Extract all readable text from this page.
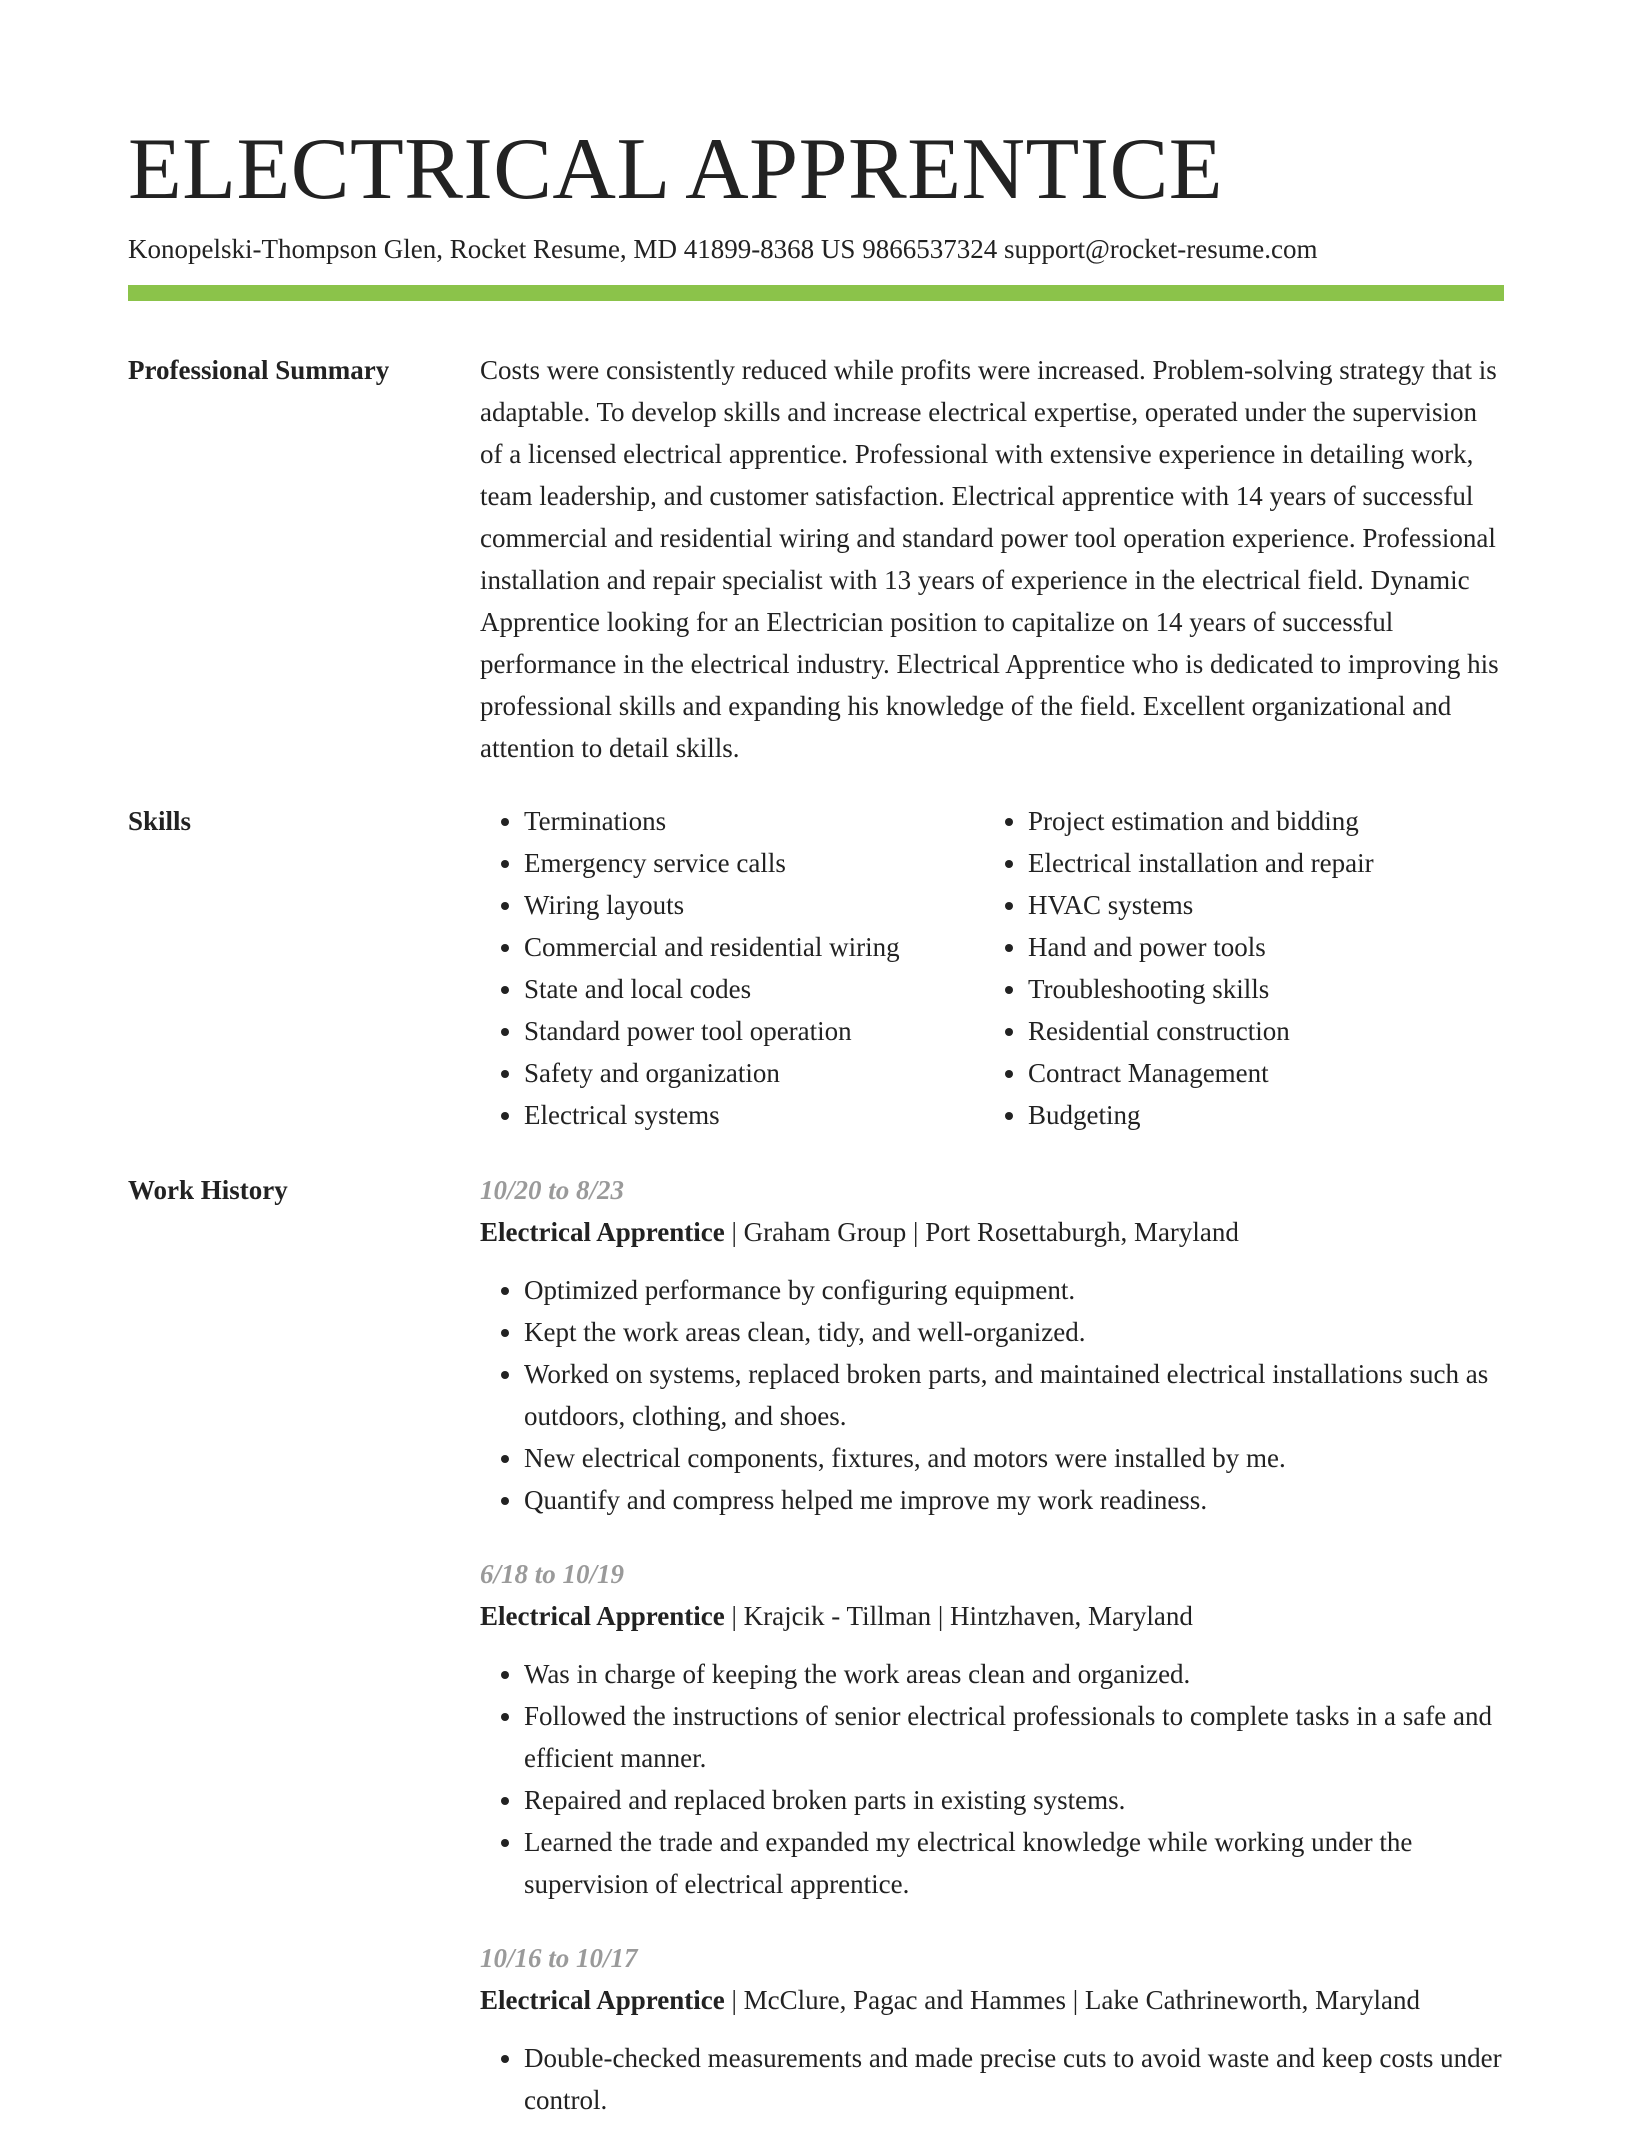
ELECTRICAL APPRENTICE
Konopelski-Thompson Glen, Rocket Resume, MD 41899-8368 US 9866537324 support@rocket-resume.com
Professional Summary	Costs were consistently reduced while profits were increased. Problem-solving strategy that is adaptable. To develop skills and increase electrical expertise, operated under the supervision of a licensed electrical apprentice. Professional with extensive experience in detailing work, team leadership, and customer satisfaction. Electrical apprentice with 14 years of successful commercial and residential wiring and standard power tool operation experience. Professional installation and repair specialist with 13 years of experience in the electrical field. Dynamic Apprentice looking for an Electrician position to capitalize on 14 years of successful performance in the electrical industry. Electrical Apprentice who is dedicated to improving his professional skills and expanding his knowledge of the field. Excellent organizational and attention to detail skills.

Skills
•	Terminations
• Emergency service calls
• Wiring layouts
• Commercial and residential wiring
• State and local codes
• Standard power tool operation
• Safety and organization
• Electrical systems
• Project estimation and bidding
• Electrical installation and repair
• HVAC systems
• Hand and power tools
• Troubleshooting skills
• Residential construction
• Contract Management
• Budgeting
Work History	10/20 to 8/23
Electrical Apprentice | Graham Group | Port Rosettaburgh, Maryland
• Optimized performance by configuring equipment.
• Kept the work areas clean, tidy, and well-organized.
• Worked on systems, replaced broken parts, and maintained electrical installations such as outdoors, clothing, and shoes.
• New electrical components, fixtures, and motors were installed by me.
• Quantify and compress helped me improve my work readiness.
6/18 to 10/19
Electrical Apprentice | Krajcik - Tillman | Hintzhaven, Maryland
• Was in charge of keeping the work areas clean and organized.
• Followed the instructions of senior electrical professionals to complete tasks in a safe and efficient manner.
• Repaired and replaced broken parts in existing systems.
• Learned the trade and expanded my electrical knowledge while working under the supervision of electrical apprentice.
10/16 to 10/17
Electrical Apprentice | McClure, Pagac and Hammes | Lake Cathrineworth, Maryland
• Double-checked measurements and made precise cuts to avoid waste and keep costs under control.
